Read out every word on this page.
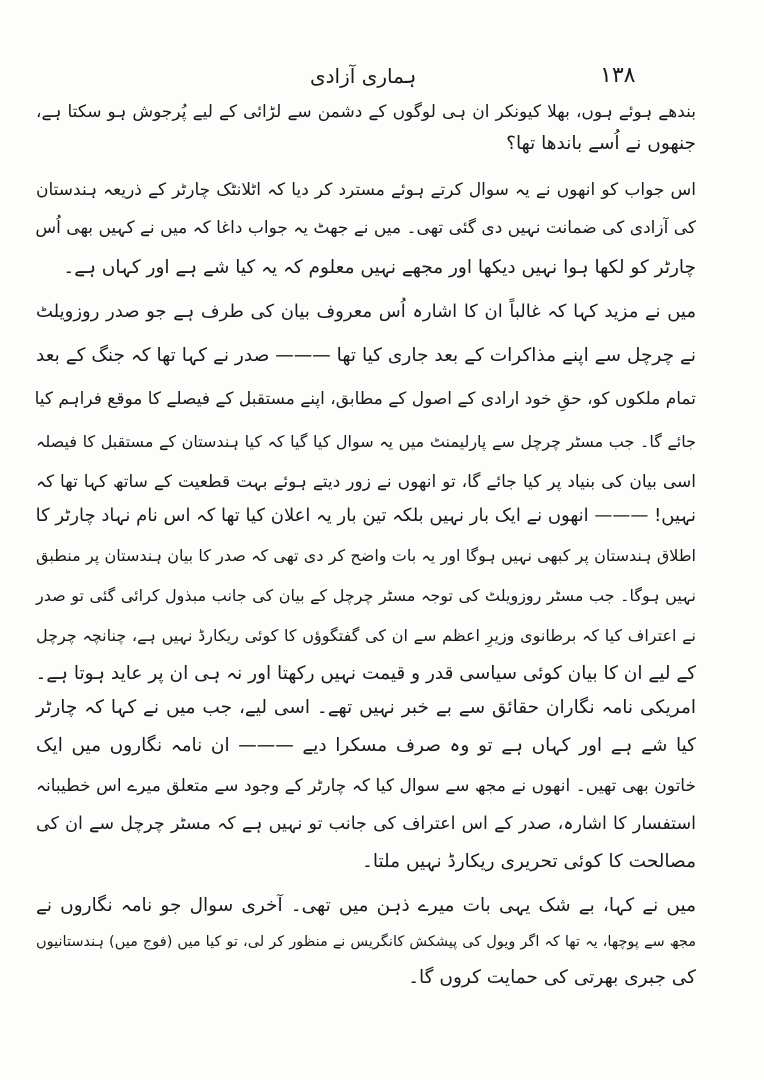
١٣٨
ہماری آزادی
بندھے ہوئے ہوں، بھلا کیونکر ان ہی لوگوں کے دشمن سے لڑائی کے لیے پُرجوش ہو سکتا ہے،
جنھوں نے اُسے باندھا تھا؟
اس جواب کو انھوں نے یہ سوال کرتے ہوئے مسترد کر دیا کہ اٹلانٹک چارٹر کے ذریعہ ہندستان
کی آزادی کی ضمانت نہیں دی گئی تھی۔ میں نے جھٹ یہ جواب داغا کہ میں نے کہیں بھی اُس
چارٹر کو لکھا ہوا نہیں دیکھا اور مجھے نہیں معلوم کہ یہ کیا شے ہے اور کہاں ہے۔
میں نے مزید کہا کہ غالباً ان کا اشارہ اُس معروف بیان کی طرف ہے جو صدر روزویلٹ
نے چرچل سے اپنے مذاکرات کے بعد جاری کیا تھا ——— صدر نے کہا تھا کہ جنگ کے بعد
تمام ملکوں کو، حقِ خود ارادی کے اصول کے مطابق، اپنے مستقبل کے فیصلے کا موقع فراہم کیا
جائے گا۔ جب مسٹر چرچل سے پارلیمنٹ میں یہ سوال کیا گیا کہ کیا ہندستان کے مستقبل کا فیصلہ
اسی بیان کی بنیاد پر کیا جائے گا، تو انھوں نے زور دیتے ہوئے بہت قطعیت کے ساتھ کہا تھا کہ
نہیں! ——— انھوں نے ایک بار نہیں بلکہ تین بار یہ اعلان کیا تھا کہ اس نام نہاد چارٹر کا
اطلاق ہندستان پر کبھی نہیں ہوگا اور یہ بات واضح کر دی تھی کہ صدر کا بیان ہندستان پر منطبق
نہیں ہوگا۔ جب مسٹر روزویلٹ کی توجہ مسٹر چرچل کے بیان کی جانب مبذول کرائی گئی تو صدر
نے اعتراف کیا کہ برطانوی وزیرِ اعظم سے ان کی گفتگوؤں کا کوئی ریکارڈ نہیں ہے، چنانچہ چرچل
کے لیے ان کا بیان کوئی سیاسی قدر و قیمت نہیں رکھتا اور نہ ہی ان پر عاید ہوتا ہے۔
امریکی نامہ نگاران حقائق سے بے خبر نہیں تھے۔ اسی لیے، جب میں نے کہا کہ چارٹر
کیا شے ہے اور کہاں ہے تو وہ صرف مسکرا دیے ——— ان نامہ نگاروں میں ایک
خاتون بھی تھیں۔ انھوں نے مجھ سے سوال کیا کہ چارٹر کے وجود سے متعلق میرے اس خطیبانہ
استفسار کا اشارہ، صدر کے اس اعتراف کی جانب تو نہیں ہے کہ مسٹر چرچل سے ان کی
مصالحت کا کوئی تحریری ریکارڈ نہیں ملتا۔
میں نے کہا، بے شک یہی بات میرے ذہن میں تھی۔ آخری سوال جو نامہ نگاروں نے
مجھ سے پوچھا، یہ تھا کہ اگر ویول کی پیشکش کانگریس نے منظور کر لی، تو کیا میں (فوج میں) ہندستانیوں
کی جبری بھرتی کی حمایت کروں گا۔
